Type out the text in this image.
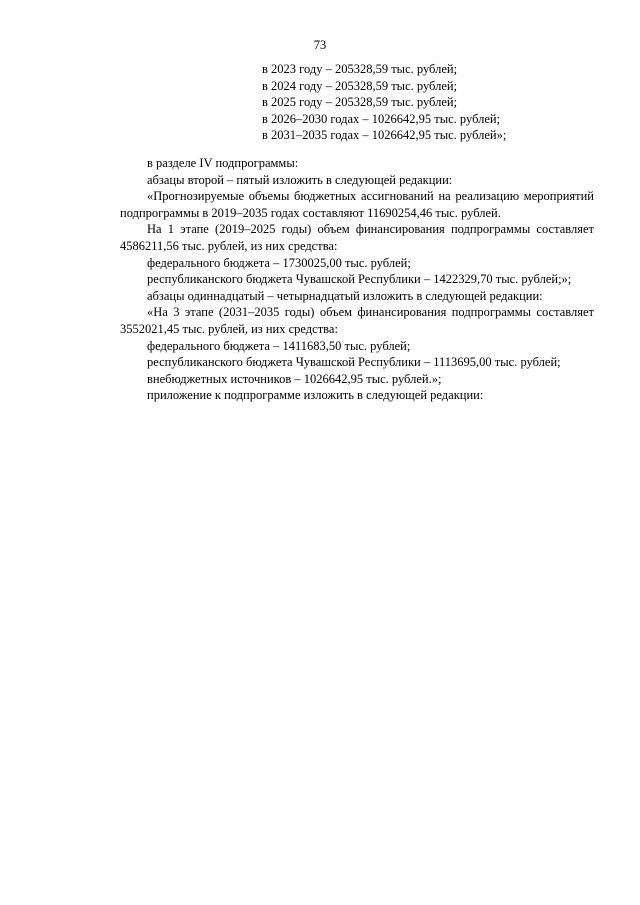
73
в 2023 году – 205328,59 тыс. рублей;
в 2024 году – 205328,59 тыс. рублей;
в 2025 году – 205328,59 тыс. рублей;
в 2026–2030 годах – 1026642,95 тыс. рублей;
в 2031–2035 годах – 1026642,95 тыс. рублей»;

в разделе IV подпрограммы:

абзацы второй – пятый изложить в следующей редакции:

«Прогнозируемые объемы бюджетных ассигнований на реализацию мероприятий подпрограммы в 2019–2035 годах составляют 11690254,46 тыс. рублей.

На 1 этапе (2019–2025 годы) объем финансирования подпрограммы составляет 4586211,56 тыс. рублей, из них средства:

федерального бюджета – 1730025,00 тыс. рублей;

республиканского бюджета Чувашской Республики – 1422329,70 тыс. рублей;»;

абзацы одиннадцатый – четырнадцатый изложить в следующей редакции:

«На 3 этапе (2031–2035 годы) объем финансирования подпрограммы составляет 3552021,45 тыс. рублей, из них средства:

федерального бюджета – 1411683,50 тыс. рублей;

республиканского бюджета Чувашской Республики – 1113695,00 тыс. рублей;

внебюджетных источников – 1026642,95 тыс. рублей.»;

приложение к подпрограмме изложить в следующей редакции:
